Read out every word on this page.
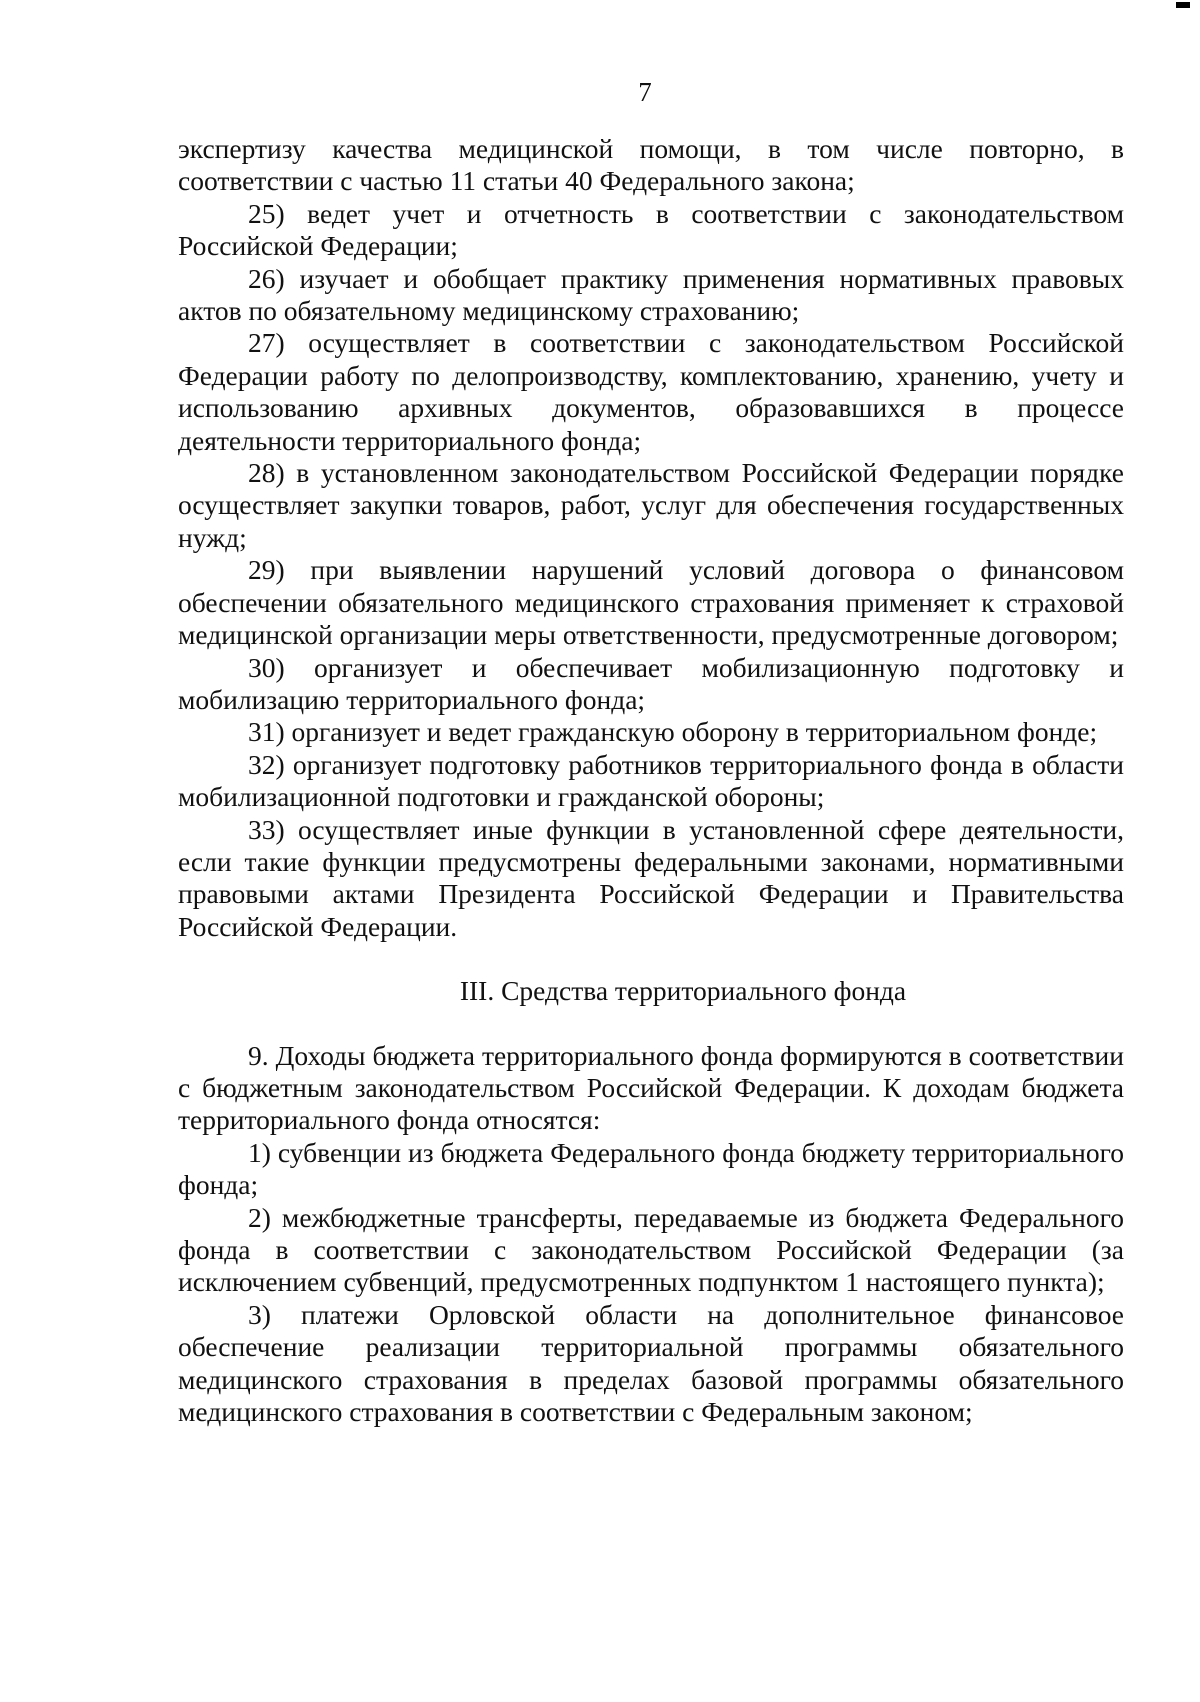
7

экспертизу качества медицинской помощи, в том числе повторно, в соответствии с частью 11 статьи 40 Федерального закона;

25) ведет учет и отчетность в соответствии с законодательством Российской Федерации;

26) изучает и обобщает практику применения нормативных правовых актов по обязательному медицинскому страхованию;

27) осуществляет в соответствии с законодательством Российской Федерации работу по делопроизводству, комплектованию, хранению, учету и использованию архивных документов, образовавшихся в процессе деятельности территориального фонда;

28) в установленном законодательством Российской Федерации порядке осуществляет закупки товаров, работ, услуг для обеспечения государственных нужд;

29) при выявлении нарушений условий договора о финансовом обеспечении обязательного медицинского страхования применяет к страховой медицинской организации меры ответственности, предусмотренные договором;

30) организует и обеспечивает мобилизационную подготовку и мобилизацию территориального фонда;

31) организует и ведет гражданскую оборону в территориальном фонде;

32) организует подготовку работников территориального фонда в области мобилизационной подготовки и гражданской обороны;

33) осуществляет иные функции в установленной сфере деятельности, если такие функции предусмотрены федеральными законами, нормативными правовыми актами Президента Российской Федерации и Правительства Российской Федерации.

III. Средства территориального фонда

9. Доходы бюджета территориального фонда формируются в соответствии с бюджетным законодательством Российской Федерации. К доходам бюджета территориального фонда относятся:

1) субвенции из бюджета Федерального фонда бюджету территориального фонда;

2) межбюджетные трансферты, передаваемые из бюджета Федерального фонда в соответствии с законодательством Российской Федерации (за исключением субвенций, предусмотренных подпунктом 1 настоящего пункта);

3) платежи Орловской области на дополнительное финансовое обеспечение реализации территориальной программы обязательного медицинского страхования в пределах базовой программы обязательного медицинского страхования в соответствии с Федеральным законом;
